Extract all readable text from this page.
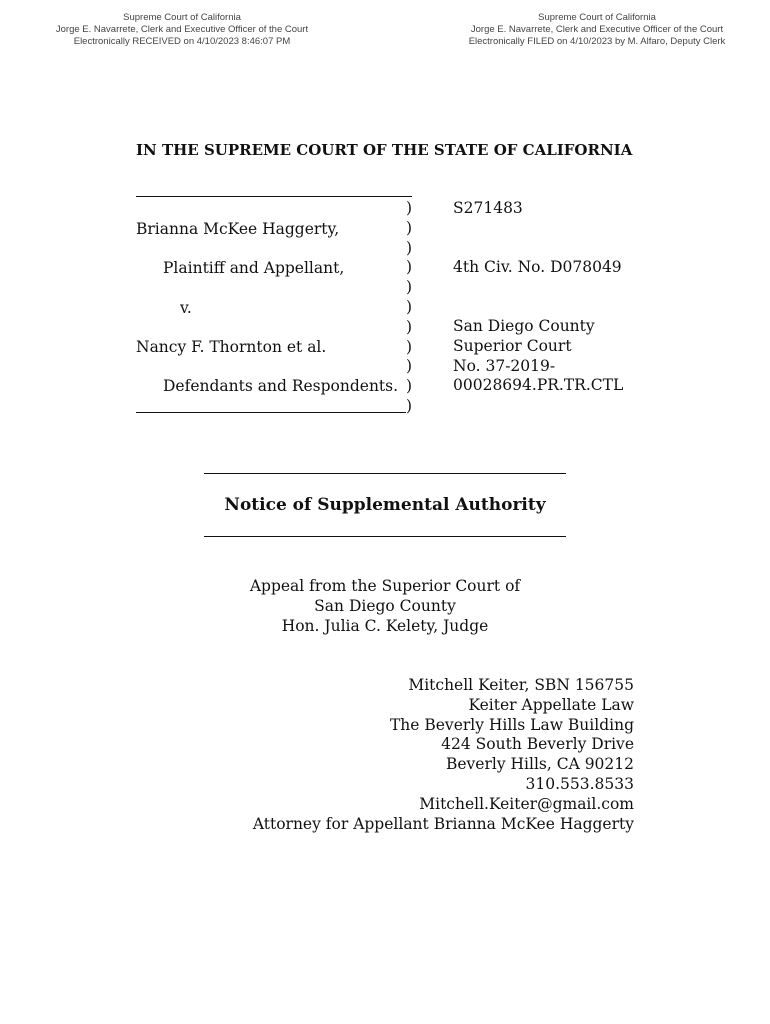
Supreme Court of California
Jorge E. Navarrete, Clerk and Executive Officer of the Court
Electronically RECEIVED on 4/10/2023 8:46:07 PM
Supreme Court of California
Jorge E. Navarrete, Clerk and Executive Officer of the Court
Electronically FILED on 4/10/2023 by M. Alfaro, Deputy Clerk
IN THE SUPREME COURT OF THE STATE OF CALIFORNIA
Brianna McKee Haggerty,
Plaintiff and Appellant,
v.
Nancy F. Thornton et al.
Defendants and Respondents.
)
)
)
)
)
)
)
)
)
)
)
S271483
4th Civ. No. D078049
San Diego County
Superior Court
No. 37-2019-
00028694.PR.TR.CTL
Notice of Supplemental Authority
Appeal from the Superior Court of
San Diego County
Hon. Julia C. Kelety, Judge
Mitchell Keiter, SBN 156755
Keiter Appellate Law
The Beverly Hills Law Building
424 South Beverly Drive
Beverly Hills, CA 90212
310.553.8533
Mitchell.Keiter@gmail.com
Attorney for Appellant Brianna McKee Haggerty
